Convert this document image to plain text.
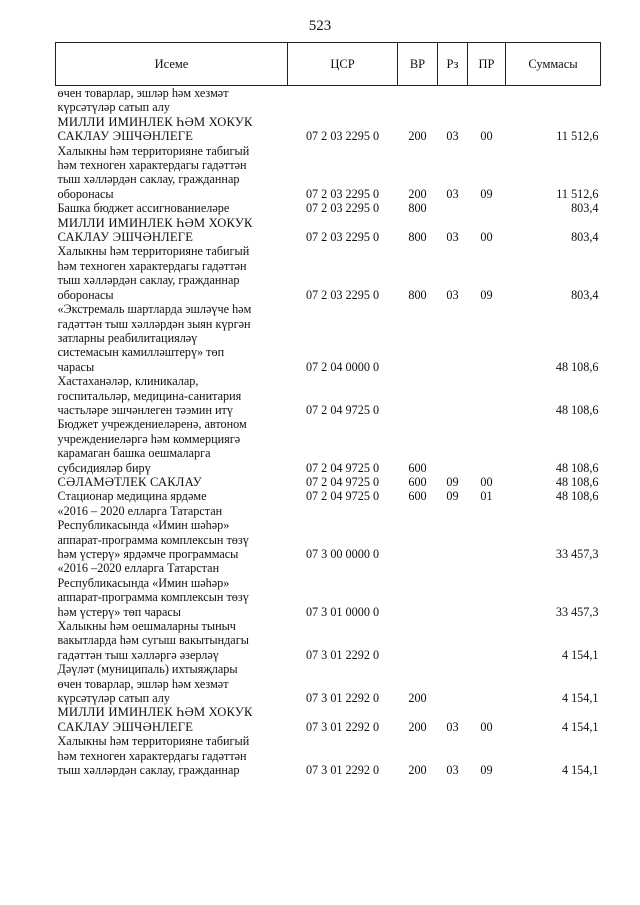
523
Исеме	ЦСР	ВР	Рз	ПР	Суммасы

өчен товарлар, эшләр һәм хезмәт
күрсәтүләр сатып алу					

МИЛЛИ ИМИНЛЕК ҺӘМ ХОКУК
САКЛАУ ЭШЧӘНЛЕГЕ	07 2 03 2295 0	200	03	00	11 512,6

Халыкны һәм территорияне табигый
һәм техноген характердагы гадәттән
тыш хәлләрдән саклау, гражданнар
оборонасы	07 2 03 2295 0	200	03	09	11 512,6

Башка бюджет ассигнованиеләре	07 2 03 2295 0	800			803,4

МИЛЛИ ИМИНЛЕК ҺӘМ ХОКУК
САКЛАУ ЭШЧӘНЛЕГЕ	07 2 03 2295 0	800	03	00	803,4

Халыкны һәм территорияне табигый
һәм техноген характердагы гадәттән
тыш хәлләрдән саклау, гражданнар
оборонасы	07 2 03 2295 0	800	03	09	803,4

«Экстремаль шартларда эшләүче һәм
гадәттән тыш хәлләрдән зыян күргән
затларны реабилитацияләү
системасын камилләштерү» төп
чарасы	07 2 04 0000 0				48 108,6

Хастаханәләр, клиникалар,
госпитальләр, медицина-санитария
частьләре эшчәнлеген тәэмин итү	07 2 04 9725 0				48 108,6

Бюджет учреждениеләренә, автоном
учреждениеләргә һәм коммерциягә
карамаган башка оешмаларга
субсидияләр бирү	07 2 04 9725 0	600			48 108,6

СӘЛАМӘТЛЕК САКЛАУ	07 2 04 9725 0	600	09	00	48 108,6

Стационар медицина ярдәме	07 2 04 9725 0	600	09	01	48 108,6

«2016 – 2020 елларга Татарстан
Республикасында «Имин шәһәр»
аппарат-программа комплексын төзү
һәм үстерү» ярдәмче программасы	07 3 00 0000 0				33 457,3

«2016 –2020 елларга Татарстан
Республикасында «Имин шәһәр»
аппарат-программа комплексын төзү
һәм үстерү» төп чарасы	07 3 01 0000 0				33 457,3

Халыкны һәм оешмаларны тыныч
вакытларда һәм сугыш вакытындагы
гадәттән тыш хәлләргә әзерләү	07 3 01 2292 0				4 154,1

Дәүләт (муниципаль) ихтыяҗлары
өчен товарлар, эшләр һәм хезмәт
күрсәтүләр сатып алу	07 3 01 2292 0	200			4 154,1

МИЛЛИ ИМИНЛЕК ҺӘМ ХОКУК
САКЛАУ ЭШЧӘНЛЕГЕ	07 3 01 2292 0	200	03	00	4 154,1

Халыкны һәм территорияне табигый
һәм техноген характердагы гадәттән
тыш хәлләрдән саклау, гражданнар	07 3 01 2292 0	200	03	09	4 154,1
